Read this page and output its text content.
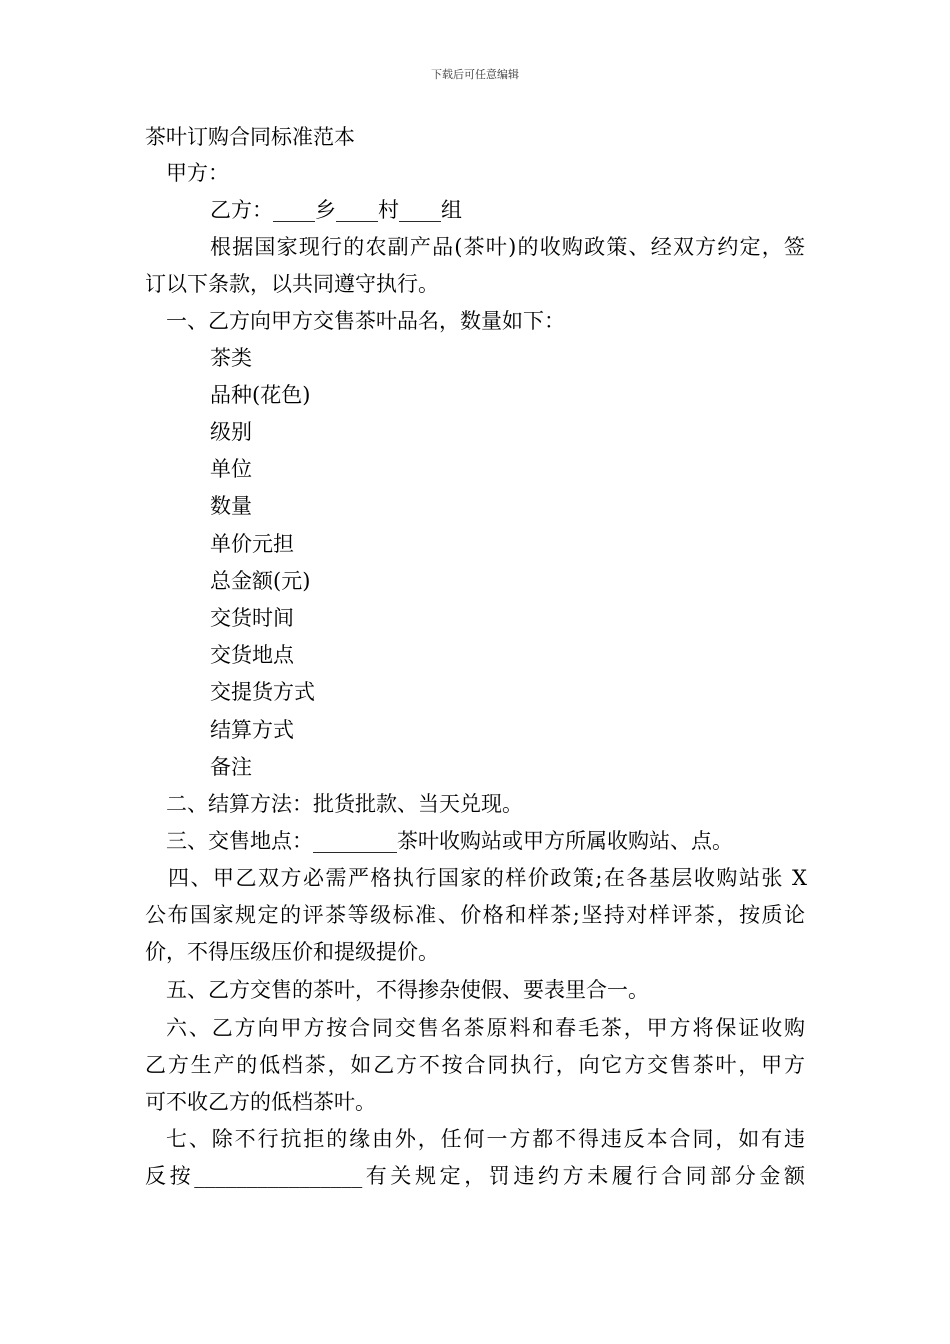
下载后可任意编辑
茶叶订购合同标准范本
甲方：
乙方：____乡____村____组
根据国家现行的农副产品(茶叶)的收购政策、经双方约定，签
订以下条款，以共同遵守执行。
一、乙方向甲方交售茶叶品名，数量如下：
茶类
品种(花色)
级别
单位
数量
单价元担
总金额(元)
交货时间
交货地点
交提货方式
结算方式
备注
二、结算方法：批货批款、当天兑现。
三、交售地点：________茶叶收购站或甲方所属收购站、点。
四、甲乙双方必需严格执行国家的样价政策;在各基层收购站张 X
公布国家规定的评茶等级标准、价格和样茶;坚持对样评茶，按质论
价，不得压级压价和提级提价。
五、乙方交售的茶叶，不得掺杂使假、要表里合一。
六、乙方向甲方按合同交售名茶原料和春毛茶，甲方将保证收购
乙方生产的低档茶，如乙方不按合同执行，向它方交售茶叶，甲方
可不收乙方的低档茶叶。
七、除不行抗拒的缘由外，任何一方都不得违反本合同，如有违
反按________________有关规定，罚违约方未履行合同部分金额
